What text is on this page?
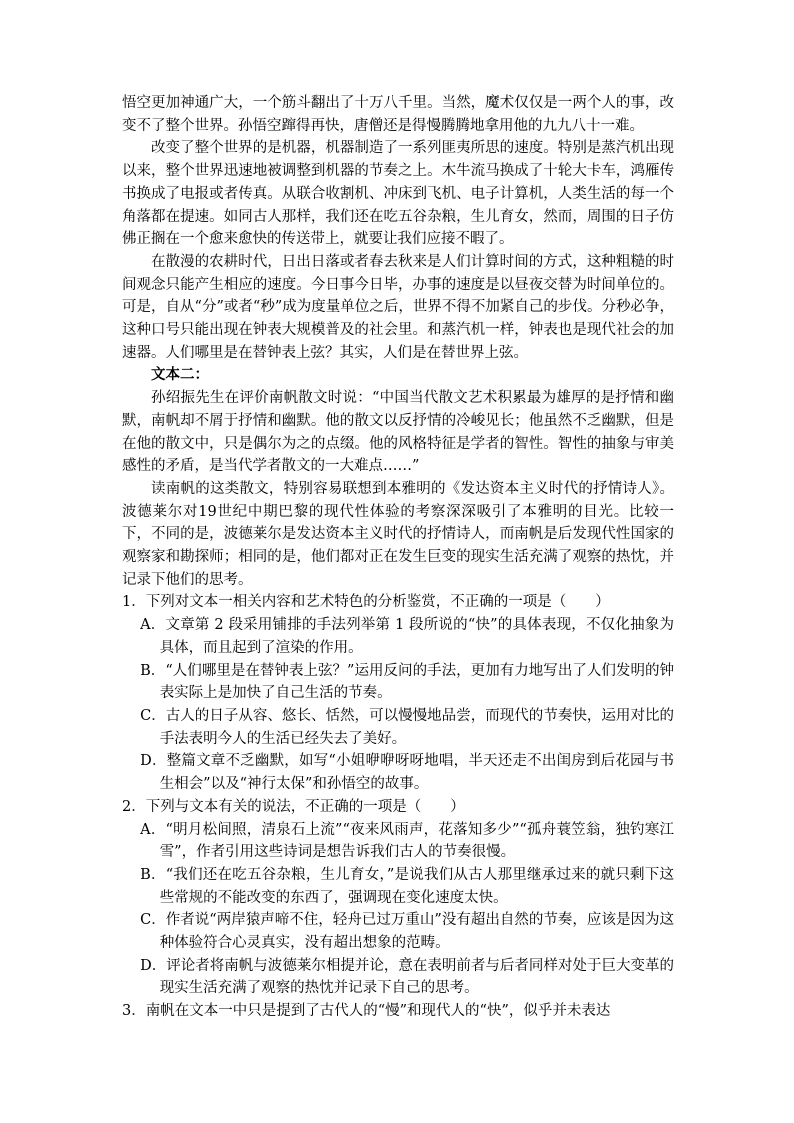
悟空更加神通广大，一个筋斗翻出了十万八千里。当然，魔术仅仅是一两个人的事，改变不了整个世界。孙悟空蹿得再快，唐僧还是得慢腾腾地拿用他的九九八十一难。

改变了整个世界的是机器，机器制造了一系列匪夷所思的速度。特别是蒸汽机出现以来，整个世界迅速地被调整到机器的节奏之上。木牛流马换成了十轮大卡车，鸿雁传书换成了电报或者传真。从联合收割机、冲床到飞机、电子计算机，人类生活的每一个角落都在提速。如同古人那样，我们还在吃五谷杂粮，生儿育女，然而，周围的日子仿佛正搁在一个愈来愈快的传送带上，就要让我们应接不暇了。

在散漫的农耕时代，日出日落或者春去秋来是人们计算时间的方式，这种粗糙的时间观念只能产生相应的速度。今日事今日毕，办事的速度是以昼夜交替为时间单位的。可是，自从“分”或者“秒”成为度量单位之后，世界不得不加紧自己的步伐。分秒必争，这种口号只能出现在钟表大规模普及的社会里。和蒸汽机一样，钟表也是现代社会的加速器。人们哪里是在替钟表上弦？其实，人们是在替世界上弦。

文本二：

孙绍振先生在评价南帆散文时说：“中国当代散文艺术积累最为雄厚的是抒情和幽默，南帆却不屑于抒情和幽默。他的散文以反抒情的冷峻见长；他虽然不乏幽默，但是在他的散文中，只是偶尔为之的点缀。他的风格特征是学者的智性。智性的抽象与审美感性的矛盾，是当代学者散文的一大难点……”

读南帆的这类散文，特别容易联想到本雅明的《发达资本主义时代的抒情诗人》。波德莱尔对19世纪中期巴黎的现代性体验的考察深深吸引了本雅明的目光。比较一下，不同的是，波德莱尔是发达资本主义时代的抒情诗人，而南帆是后发现代性国家的观察家和勘探师；相同的是，他们都对正在发生巨变的现实生活充满了观察的热忱，并记录下他们的思考。

1．下列对文本一相关内容和艺术特色的分析鉴赏，不正确的一项是（　　）

A．文章第 2 段采用铺排的手法列举第 1 段所说的“快”的具体表现，不仅化抽象为具体，而且起到了渲染的作用。

B．“人们哪里是在替钟表上弦？”运用反问的手法，更加有力地写出了人们发明的钟表实际上是加快了自己生活的节奏。

C．古人的日子从容、悠长、恬然，可以慢慢地品尝，而现代的节奏快，运用对比的手法表明今人的生活已经失去了美好。

D．整篇文章不乏幽默，如写“小姐咿咿呀呀地唱，半天还走不出闺房到后花园与书生相会”以及“神行太保”和孙悟空的故事。

2．下列与文本有关的说法，不正确的一项是（　　）

A．“明月松间照，清泉石上流”“夜来风雨声，花落知多少”“孤舟蓑笠翁，独钓寒江雪”，作者引用这些诗词是想告诉我们古人的节奏很慢。

B．“我们还在吃五谷杂粮，生儿育女，”是说我们从古人那里继承过来的就只剩下这些常规的不能改变的东西了，强调现在变化速度太快。

C．作者说“两岸猿声啼不住，轻舟已过万重山”没有超出自然的节奏，应该是因为这种体验符合心灵真实，没有超出想象的范畴。

D．评论者将南帆与波德莱尔相提并论，意在表明前者与后者同样对处于巨大变革的现实生活充满了观察的热忱并记录下自己的思考。

3．南帆在文本一中只是提到了古代人的“慢”和现代人的“快”，似乎并未表达
